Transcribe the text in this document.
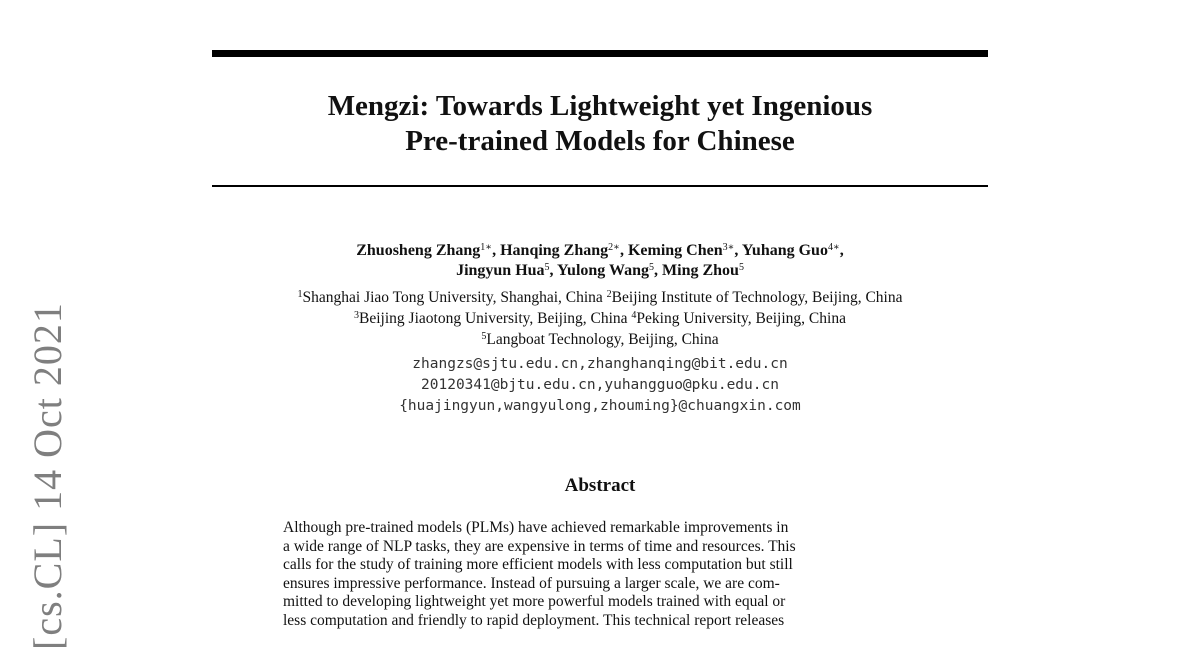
Mengzi: Towards Lightweight yet Ingenious
Pre-trained Models for Chinese
Zhuosheng Zhang$^{1∗}$, Hanqing Zhang$^{2∗}$, Keming Chen$^{3∗}$, Yuhang Guo$^{4∗}$,
Jingyun Hua$^5$, Yulong Wang$^5$, Ming Zhou$^5$
$^1$Shanghai Jiao Tong University, Shanghai, China $^2$Beijing Institute of Technology, Beijing, China
$^3$Beijing Jiaotong University, Beijing, China $^4$Peking University, Beijing, China
$^5$Langboat Technology, Beijing, China
zhangzs@sjtu.edu.cn,zhanghanqing@bit.edu.cn
20120341@bjtu.edu.cn,yuhangguo@pku.edu.cn
{huajingyun,wangyulong,zhouming}@chuangxin.com
Abstract
Although pre-trained models (PLMs) have achieved remarkable improvements in
a wide range of NLP tasks, they are expensive in terms of time and resources. This
calls for the study of training more efficient models with less computation but still
ensures impressive performance. Instead of pursuing a larger scale, we are com-
mitted to developing lightweight yet more powerful models trained with equal or
less computation and friendly to rapid deployment. This technical report releases
[cs.CL] 14 Oct 2021
